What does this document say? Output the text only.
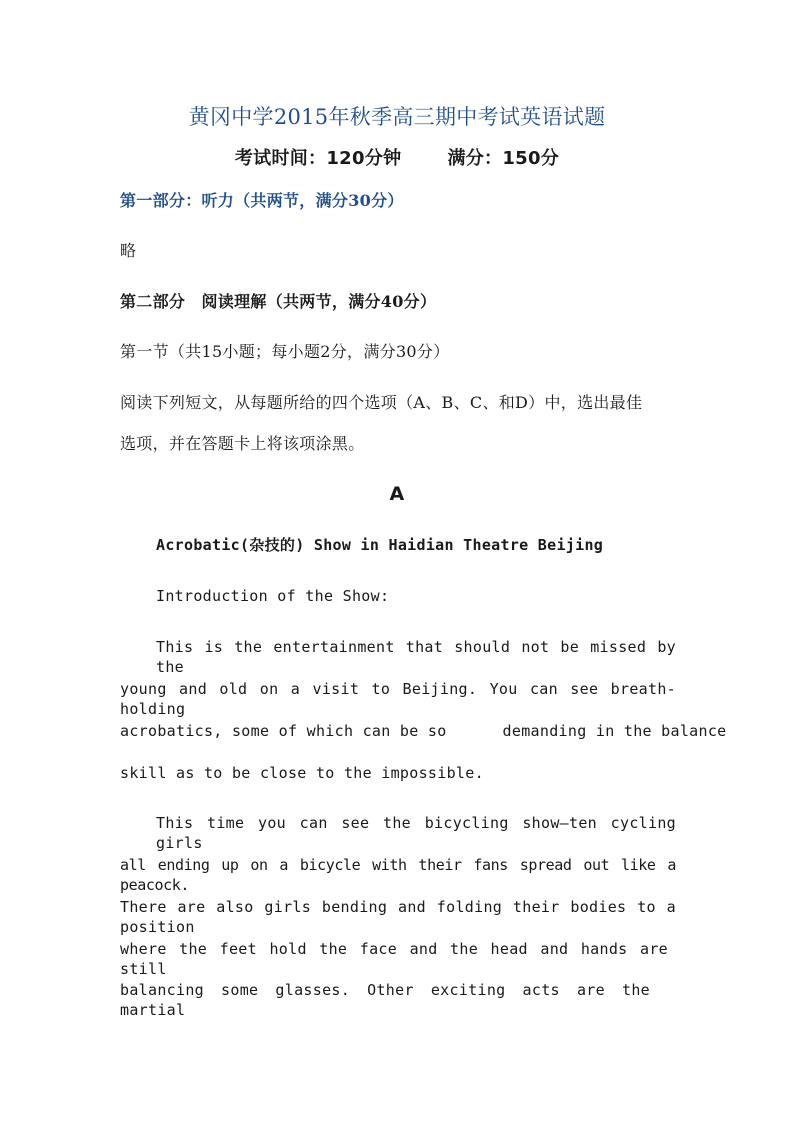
黄冈中学2015年秋季高三期中考试英语试题
考试时间：120分钟	满分：150分
第一部分：听力（共两节，满分30分）
略
第二部分　阅读理解（共两节，满分40分）
第一节（共15小题；每小题2分，满分30分）
阅读下列短文，从每题所给的四个选项（A、B、C、和D）中，选出最佳
选项，并在答题卡上将该项涂黑。
A
Acrobatic(杂技的) Show in Haidian Theatre Beijing
Introduction of the Show:
This is the entertainment that should not be missed by the
young and old on a visit to Beijing. You can see breath-holding
acrobatics, some of which can be so      demanding in the balance
skill as to be close to the impossible.
This time you can see the bicycling show—ten cycling girls
all ending up on a bicycle with their fans spread out like a peacock.
There are also girls bending and folding their bodies to a position
where the feet hold the face and the head and hands are still
balancing some glasses. Other exciting acts are the martial
